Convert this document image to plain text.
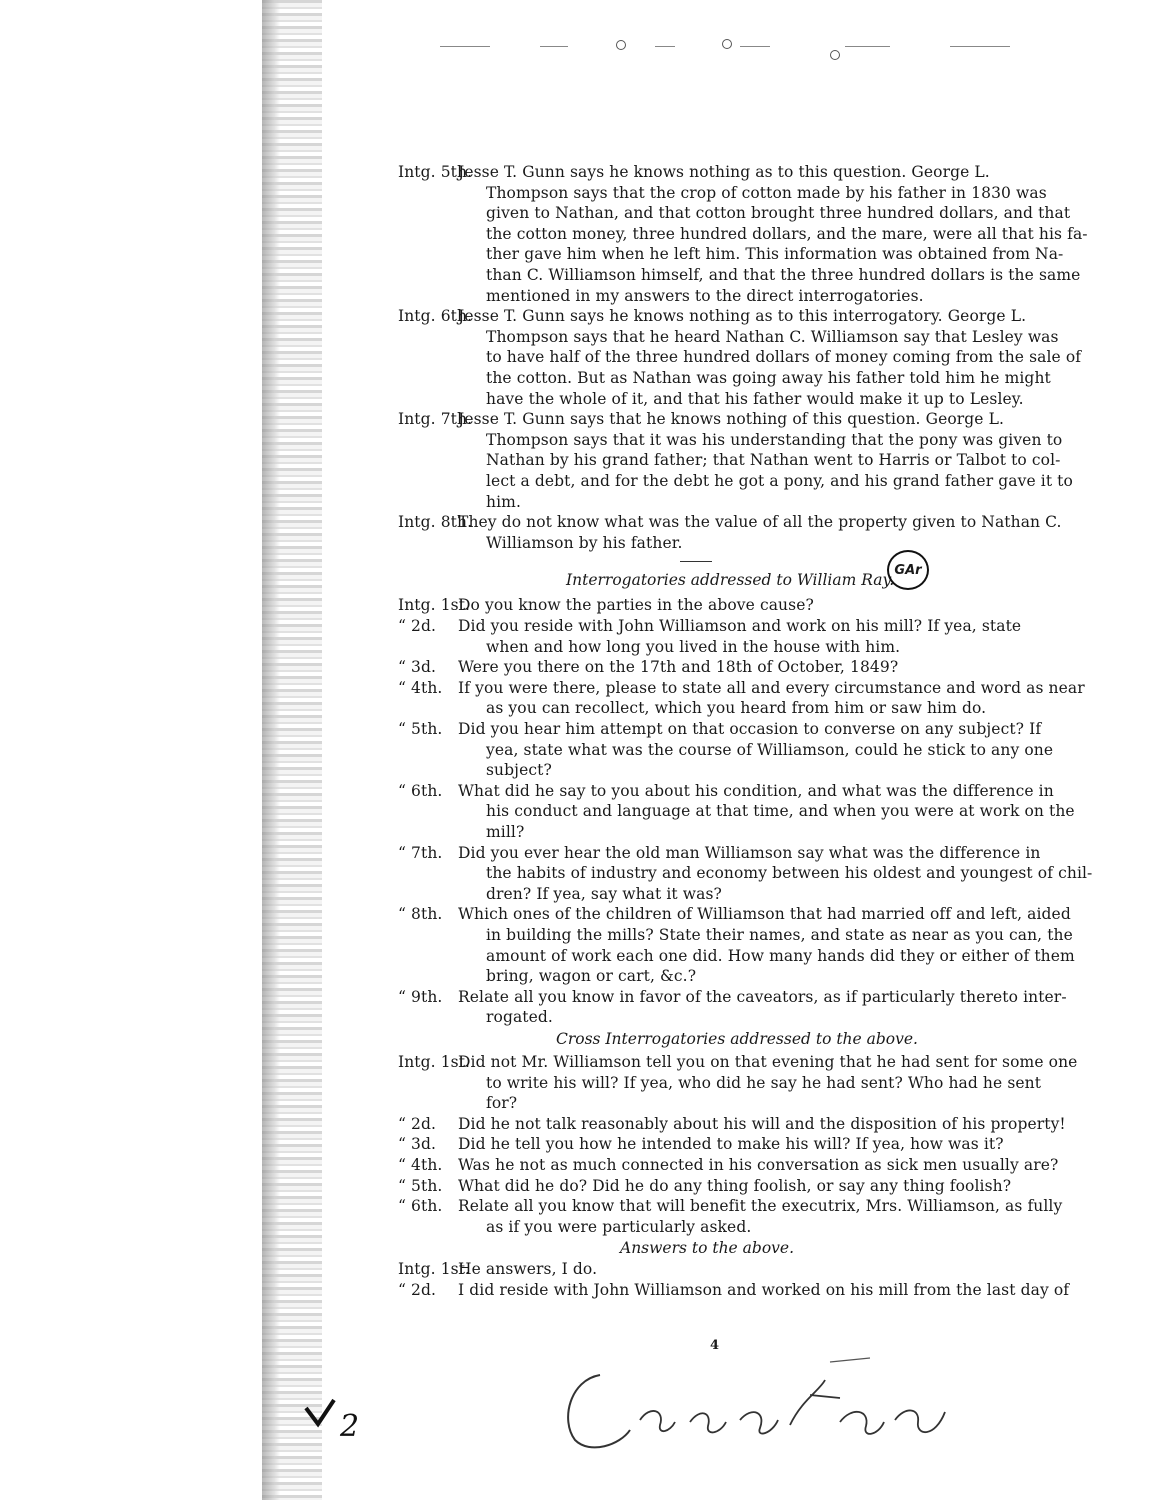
Intg. 5th.
Jesse T. Gunn says he knows nothing as to this question. George L.
Thompson says that the crop of cotton made by his father in 1830 was
given to Nathan, and that cotton brought three hundred dollars, and that
the cotton money, three hundred dollars, and the mare, were all that his fa-
ther gave him when he left him. This information was obtained from Na-
than C. Williamson himself, and that the three hundred dollars is the same
mentioned in my answers to the direct interrogatories.
Intg. 6th.
Jesse T. Gunn says he knows nothing as to this interrogatory. George L.
Thompson says that he heard Nathan C. Williamson say that Lesley was
to have half of the three hundred dollars of money coming from the sale of
the cotton. But as Nathan was going away his father told him he might
have the whole of it, and that his father would make it up to Lesley.
Intg. 7th.
Jesse T. Gunn says that he knows nothing of this question. George L.
Thompson says that it was his understanding that the pony was given to
Nathan by his grand father; that Nathan went to Harris or Talbot to col-
lect a debt, and for the debt he got a pony, and his grand father gave it to
him.
Intg. 8th.
They do not know what was the value of all the property given to Nathan C.
Williamson by his father.
Interrogatories addressed to William Ray.
Intg. 1st.
Do you know the parties in the above cause?
“ 2d. Did you reside with John Williamson and work on his mill? If yea, state
when and how long you lived in the house with him.
“ 3d. Were you there on the 17th and 18th of October, 1849?
“ 4th. If you were there, please to state all and every circumstance and word as near
as you can recollect, which you heard from him or saw him do.
“ 5th. Did you hear him attempt on that occasion to converse on any subject? If
yea, state what was the course of Williamson, could he stick to any one
subject?
“ 6th. What did he say to you about his condition, and what was the difference in
his conduct and language at that time, and when you were at work on the
mill?
“ 7th. Did you ever hear the old man Williamson say what was the difference in
the habits of industry and economy between his oldest and youngest of chil-
dren? If yea, say what it was?
“ 8th. Which ones of the children of Williamson that had married off and left, aided
in building the mills? State their names, and state as near as you can, the
amount of work each one did. How many hands did they or either of them
bring, wagon or cart, &c.?
“ 9th. Relate all you know in favor of the caveators, as if particularly thereto inter-
rogated.
Cross Interrogatories addressed to the above.
Intg. 1st.
Did not Mr. Williamson tell you on that evening that he had sent for some one
to write his will? If yea, who did he say he had sent? Who had he sent
for?
“ 2d. Did he not talk reasonably about his will and the disposition of his property!
“ 3d. Did he tell you how he intended to make his will? If yea, how was it?
“ 4th. Was he not as much connected in his conversation as sick men usually are?
“ 5th. What did he do? Did he do any thing foolish, or say any thing foolish?
“ 6th. Relate all you know that will benefit the executrix, Mrs. Williamson, as fully
as if you were particularly asked.
Answers to the above.
Intg. 1st.
He answers, I do.
“ 2d. I did reside with John Williamson and worked on his mill from the last day of
GAr
4
2
